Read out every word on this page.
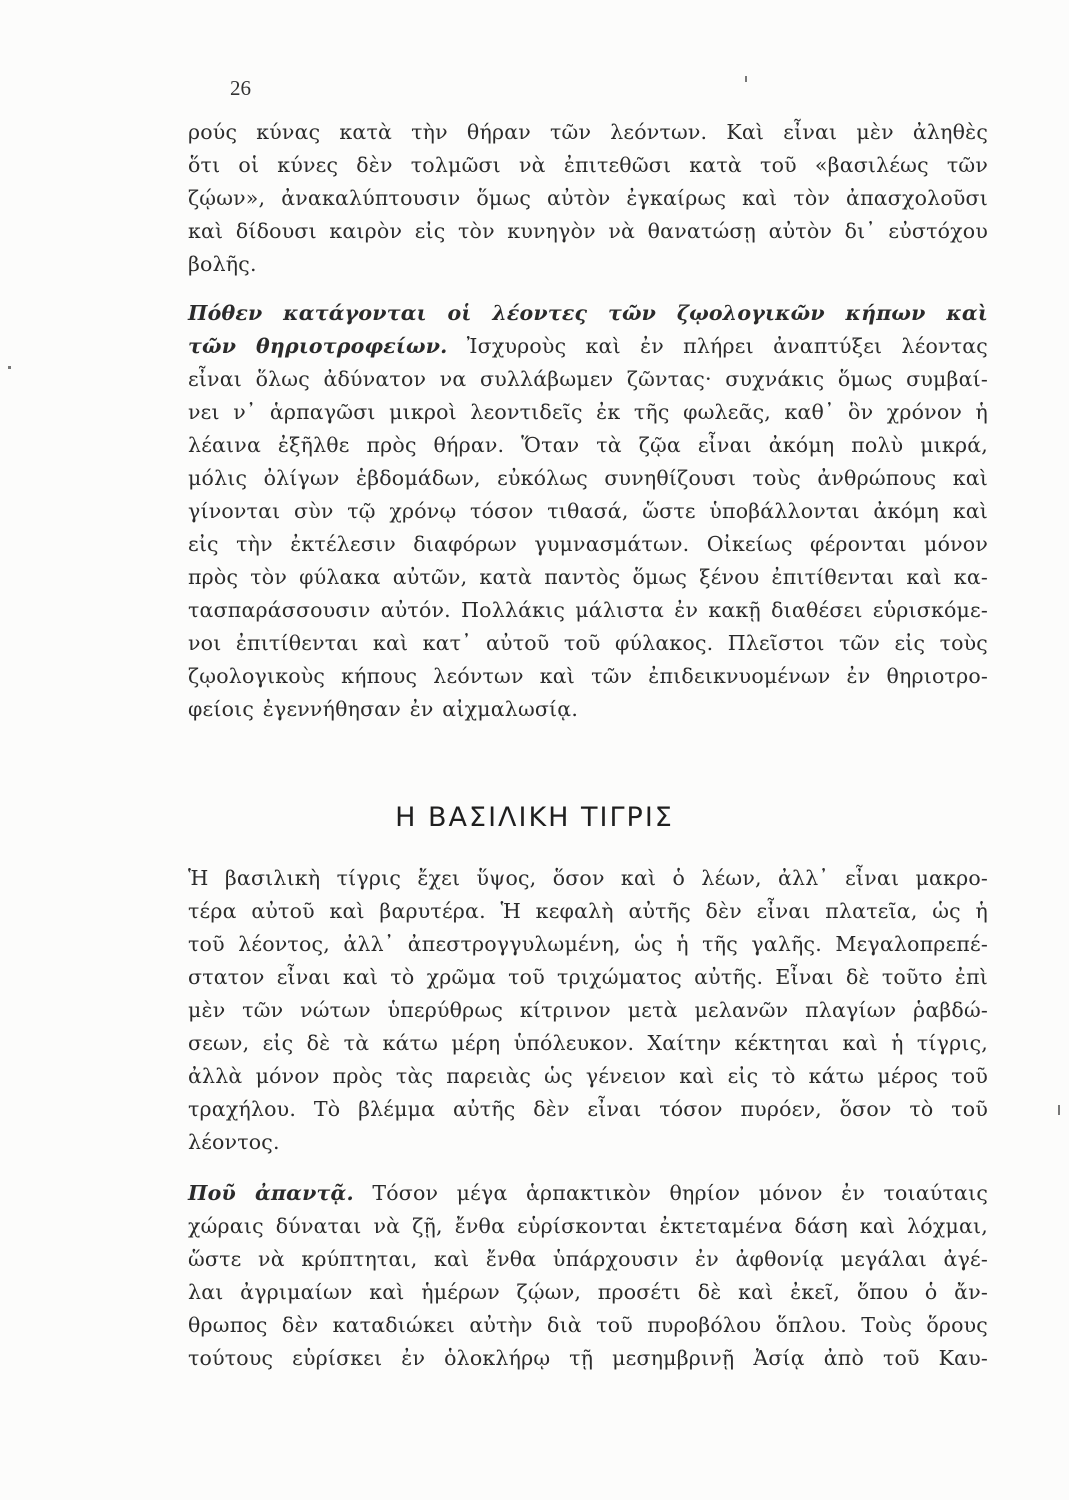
26
ρούς κύνας κατὰ τὴν θήραν τῶν λεόντων. Καὶ εἶναι μὲν ἀληθὲς
ὅτι οἱ κύνες δὲν τολμῶσι νὰ ἐπιτεθῶσι κατὰ τοῦ «βασιλέως τῶν
ζῴων», ἀνακαλύπτουσιν ὅμως αὐτὸν ἐγκαίρως καὶ τὸν ἀπασχολοῦσι
καὶ δίδουσι καιρὸν εἰς τὸν κυνηγὸν νὰ θανατώσῃ αὐτὸν δι᾽ εὐστόχου
βολῆς.
Πόθεν κατάγονται οἱ λέοντες τῶν ζῳολογικῶν κήπων καὶ
τῶν θηριοτροφείων. Ἰσχυροὺς καὶ ἐν πλήρει ἀναπτύξει λέοντας
εἶναι ὅλως ἀδύνατον να συλλάβωμεν ζῶντας· συχνάκις ὅμως συμβαί-
νει ν᾽ ἁρπαγῶσι μικροὶ λεοντιδεῖς ἐκ τῆς φωλεᾶς, καθ᾽ ὃν χρόνον ἡ
λέαινα ἐξῆλθε πρὸς θήραν. Ὅταν τὰ ζῷα εἶναι ἀκόμη πολὺ μικρά,
μόλις ὀλίγων ἑβδομάδων, εὐκόλως συνηθίζουσι τοὺς ἀνθρώπους καὶ
γίνονται σὺν τῷ χρόνῳ τόσον τιθασά, ὥστε ὑποβάλλονται ἀκόμη καὶ
εἰς τὴν ἐκτέλεσιν διαφόρων γυμνασμάτων. Οἰκείως φέρονται μόνον
πρὸς τὸν φύλακα αὐτῶν, κατὰ παντὸς ὅμως ξένου ἐπιτίθενται καὶ κα-
τασπαράσσουσιν αὐτόν. Πολλάκις μάλιστα ἐν κακῇ διαθέσει εὑρισκόμε-
νοι ἐπιτίθενται καὶ κατ᾽ αὐτοῦ τοῦ φύλακος. Πλεῖστοι τῶν εἰς τοὺς
ζῳολογικοὺς κήπους λεόντων καὶ τῶν ἐπιδεικνυομένων ἐν θηριοτρο-
φείοις ἐγεννήθησαν ἐν αἰχμαλωσίᾳ.
Η ΒΑΣΙΛΙΚΗ ΤΙΓΡΙΣ
Ἡ βασιλικὴ τίγρις ἔχει ὕψος, ὅσον καὶ ὁ λέων, ἀλλ᾽ εἶναι μακρο-
τέρα αὐτοῦ καὶ βαρυτέρα. Ἡ κεφαλὴ αὐτῆς δὲν εἶναι πλατεῖα, ὡς ἡ
τοῦ λέοντος, ἀλλ᾽ ἀπεστρογγυλωμένη, ὡς ἡ τῆς γαλῆς. Μεγαλοπρεπέ-
στατον εἶναι καὶ τὸ χρῶμα τοῦ τριχώματος αὐτῆς. Εἶναι δὲ τοῦτο ἐπὶ
μὲν τῶν νώτων ὑπερύθρως κίτρινον μετὰ μελανῶν πλαγίων ῥαβδώ-
σεων, εἰς δὲ τὰ κάτω μέρη ὑπόλευκον. Χαίτην κέκτηται καὶ ἡ τίγρις,
ἀλλὰ μόνον πρὸς τὰς παρειὰς ὡς γένειον καὶ εἰς τὸ κάτω μέρος τοῦ
τραχήλου. Τὸ βλέμμα αὐτῆς δὲν εἶναι τόσον πυρόεν, ὅσον τὸ τοῦ
λέοντος.
Ποῦ ἀπαντᾷ. Τόσον μέγα ἁρπακτικὸν θηρίον μόνον ἐν τοιαύταις
χώραις δύναται νὰ ζῇ, ἔνθα εὑρίσκονται ἐκτεταμένα δάση καὶ λόχμαι,
ὥστε νὰ κρύπτηται, καὶ ἔνθα ὑπάρχουσιν ἐν ἀφθονίᾳ μεγάλαι ἀγέ-
λαι ἀγριμαίων καὶ ἡμέρων ζῴων, προσέτι δὲ καὶ ἐκεῖ, ὅπου ὁ ἄν-
θρωπος δὲν καταδιώκει αὐτὴν διὰ τοῦ πυροβόλου ὅπλου. Τοὺς ὅρους
τούτους εὑρίσκει ἐν ὁλοκλήρῳ τῇ μεσημβρινῇ Ἀσίᾳ ἀπὸ τοῦ Καυ-
